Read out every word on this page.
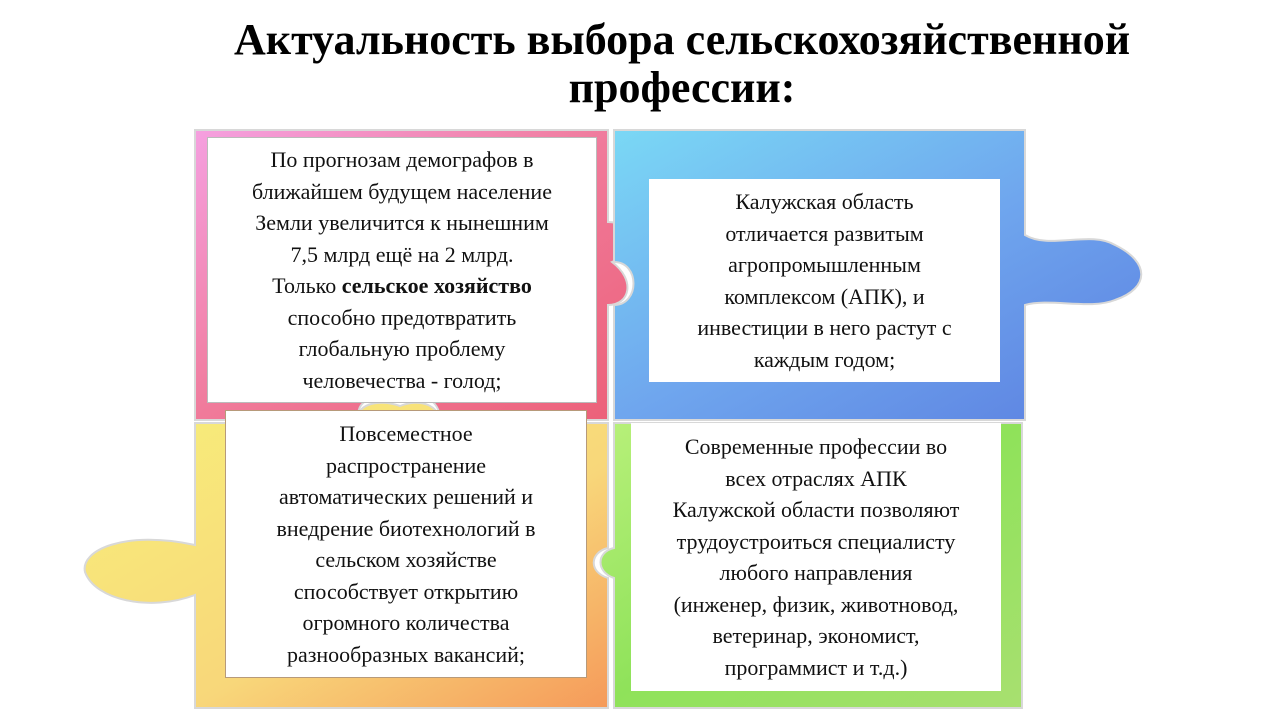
Актуальность выбора сельскохозяйственной
профессии:

По прогнозам демографов в

ближайшем будущем население

Земли увеличится к нынешним

7,5 млрд ещё на 2 млрд.

Только сельское хозяйство

способно предотвратить

глобальную проблему

человечества - голод;

Калужская область

отличается развитым

агропромышленным

комплексом (АПК), и

инвестиции в него растут с

каждым годом;

Повсеместное

распространение

автоматических решений и

внедрение биотехнологий в

сельском хозяйстве

способствует открытию

огромного количества

разнообразных вакансий;

Современные профессии во

всех отраслях АПК

Калужской области позволяют

трудоустроиться специалисту

любого направления

(инженер, физик, животновод,

ветеринар, экономист,

программист и т.д.)
